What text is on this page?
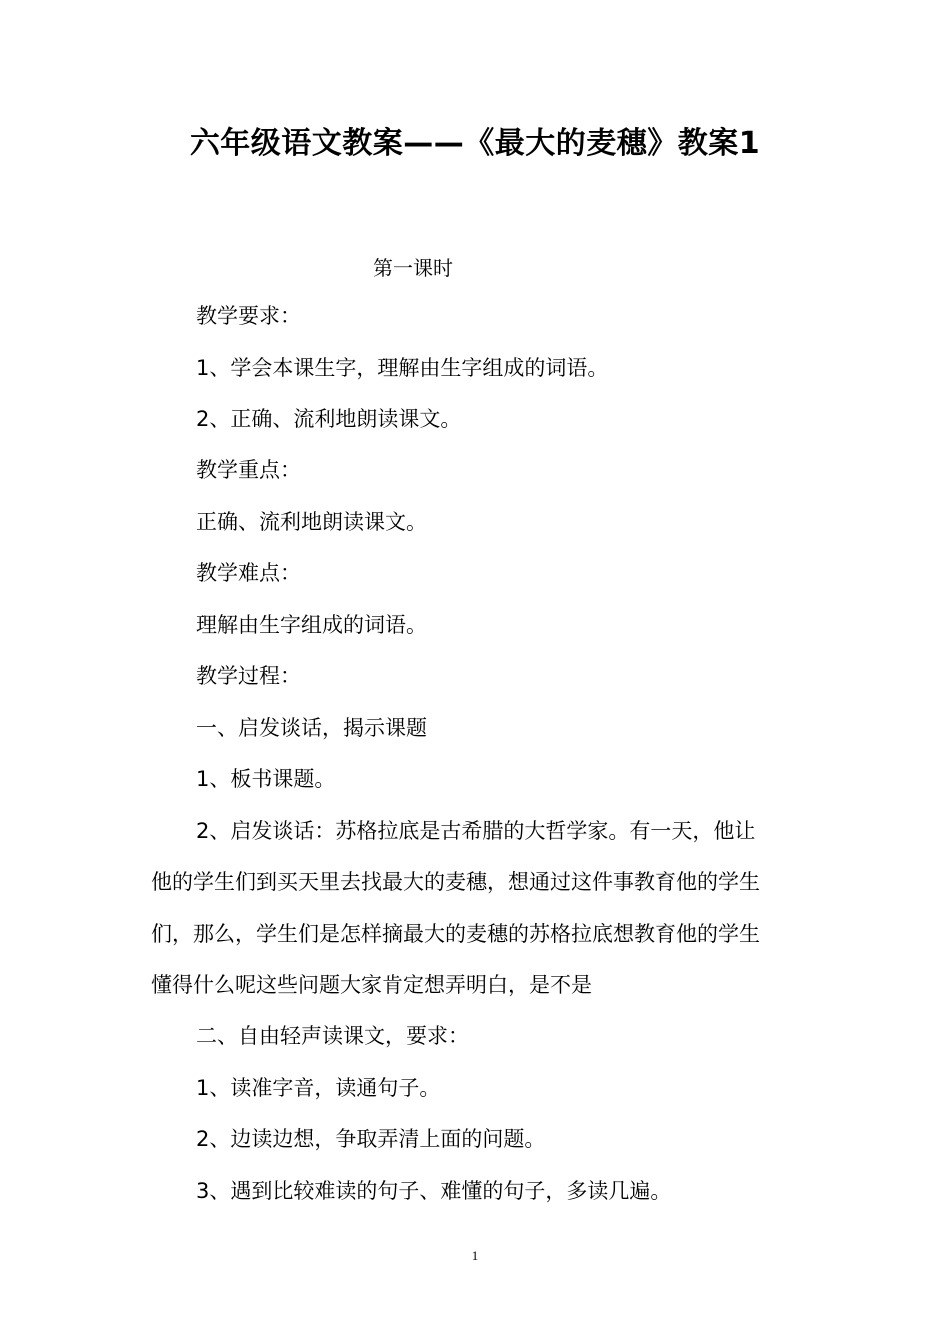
六年级语文教案——《最大的麦穗》教案1
第一课时
教学要求：
1、学会本课生字，理解由生字组成的词语。
2、正确、流利地朗读课文。
教学重点：
正确、流利地朗读课文。
教学难点：
理解由生字组成的词语。
教学过程：
一、启发谈话，揭示课题
1、板书课题。
2、启发谈话：苏格拉底是古希腊的大哲学家。有一天，他让
他的学生们到买天里去找最大的麦穗，想通过这件事教育他的学生
们，那么，学生们是怎样摘最大的麦穗的苏格拉底想教育他的学生
懂得什么呢这些问题大家肯定想弄明白，是不是
二、自由轻声读课文，要求：
1、读准字音，读通句子。
2、边读边想，争取弄清上面的问题。
3、遇到比较难读的句子、难懂的句子，多读几遍。
1
